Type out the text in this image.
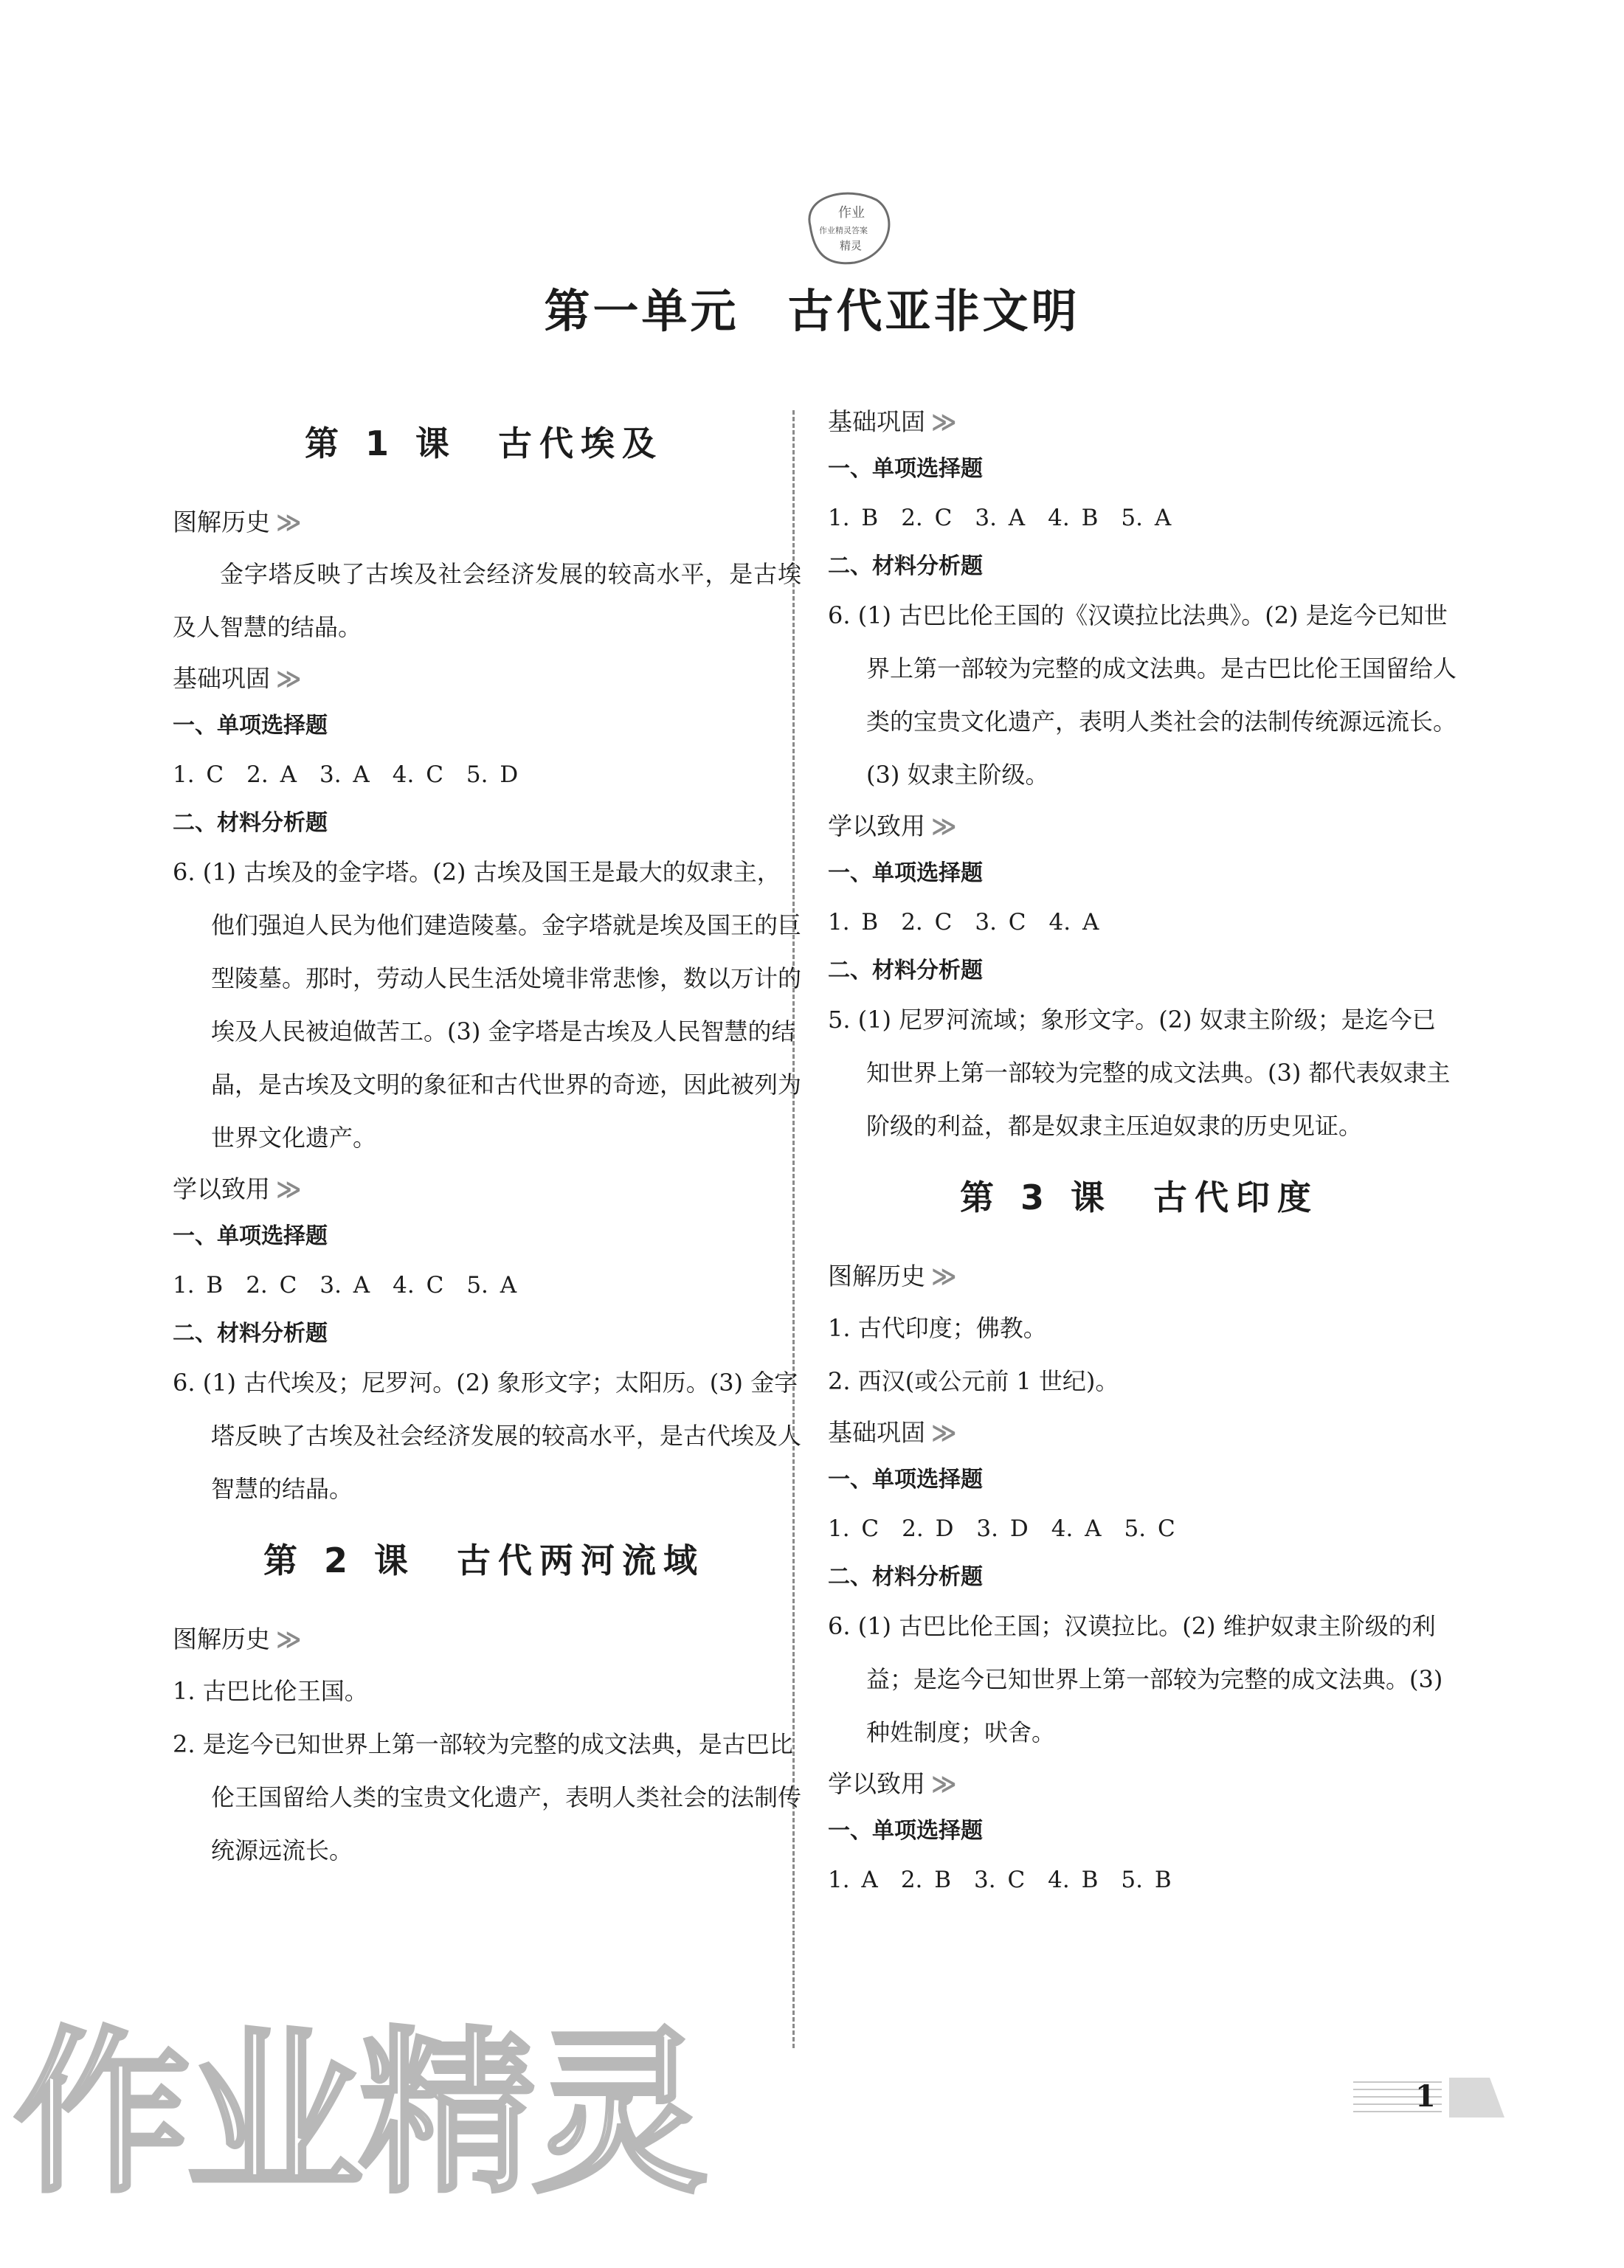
作业
作业精灵答案
精灵
第一单元　古代亚非文明
第 1 课　古代埃及
图解历史 ≫
金字塔反映了古埃及社会经济发展的较高水平，是古埃及人智慧的结晶。
基础巩固 ≫
一、单项选择题
1. C　2. A　3. A　4. C　5. D
二、材料分析题
6. (1) 古埃及的金字塔。(2) 古埃及国王是最大的奴隶主，他们强迫人民为他们建造陵墓。金字塔就是埃及国王的巨型陵墓。那时，劳动人民生活处境非常悲惨，数以万计的埃及人民被迫做苦工。(3) 金字塔是古埃及人民智慧的结晶，是古埃及文明的象征和古代世界的奇迹，因此被列为世界文化遗产。
学以致用 ≫
一、单项选择题
1. B　2. C　3. A　4. C　5. A
二、材料分析题
6. (1) 古代埃及；尼罗河。(2) 象形文字；太阳历。(3) 金字塔反映了古埃及社会经济发展的较高水平，是古代埃及人智慧的结晶。
第 2 课　古代两河流域
图解历史 ≫
1. 古巴比伦王国。
2. 是迄今已知世界上第一部较为完整的成文法典，是古巴比伦王国留给人类的宝贵文化遗产，表明人类社会的法制传统源远流长。
基础巩固 ≫
一、单项选择题
1. B　2. C　3. A　4. B　5. A
二、材料分析题
6. (1) 古巴比伦王国的《汉谟拉比法典》。(2) 是迄今已知世界上第一部较为完整的成文法典。是古巴比伦王国留给人类的宝贵文化遗产，表明人类社会的法制传统源远流长。(3) 奴隶主阶级。
学以致用 ≫
一、单项选择题
1. B　2. C　3. C　4. A
二、材料分析题
5. (1) 尼罗河流域；象形文字。(2) 奴隶主阶级；是迄今已知世界上第一部较为完整的成文法典。(3) 都代表奴隶主阶级的利益，都是奴隶主压迫奴隶的历史见证。
第 3 课　古代印度
图解历史 ≫
1. 古代印度；佛教。
2. 西汉(或公元前 1 世纪)。
基础巩固 ≫
一、单项选择题
1. C　2. D　3. D　4. A　5. C
二、材料分析题
6. (1) 古巴比伦王国；汉谟拉比。(2) 维护奴隶主阶级的利益；是迄今已知世界上第一部较为完整的成文法典。(3) 种姓制度；吠舍。
学以致用 ≫
一、单项选择题
1. A　2. B　3. C　4. B　5. B
作业精灵	1
